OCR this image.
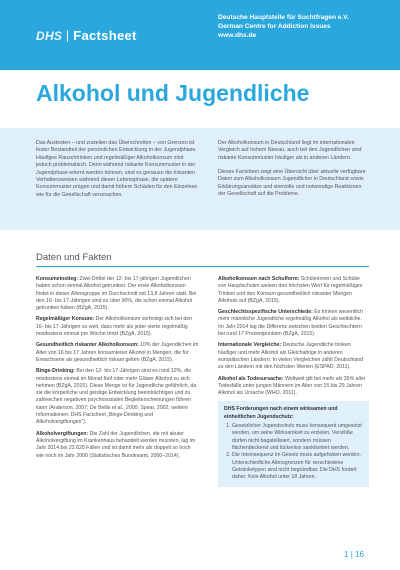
DHS Factsheet
Deutsche Hauptstelle für Suchtfragen e.V.
German Centre for Addiction Issues
www.dhs.de
Alkohol und Jugendliche

Das Austesten – und zuweilen das Überschreiten – von Grenzen ist fester Bestandteil der persönlichen Entwicklung in der Jugendphase. Häufiges Rauschtrinken und regelmäßiger Alkoholkonsum sind jedoch problematisch. Denn während riskante Konsummuster in der Jugendphase erlernt werden können, sind es genauso die riskanten Verhaltensweisen während dieser Lebensphase, die spätere Konsummuster prägen und damit höhere Schäden für den Einzelnen wie für die Gesellschaft verursachen.

Der Alkoholkonsum in Deutschland liegt im internationalen Vergleich auf hohem Niveau, auch bei den Jugendlichen sind riskante Konsummuster häufiger als in anderen Ländern.

Dieses Factsheet zeigt eine Übersicht über aktuelle verfügbare Daten zum Alkoholkonsum Jugendlicher in Deutschland sowie Erklärungsansätze und sinnvolle und notwendige Reaktionen der Gesellschaft auf die Probleme.

Daten und Fakten

Konsumeinstieg: Zwei Drittel der 12- bis 17-jährigen Jugendlichen haben schon einmal Alkohol getrunken. Der erste Alkoholkonsum findet in dieser Altersgruppe im Durchschnitt mit 13,8 Jahren statt. Bei den 16- bis 17-Jährigen sind es über 90%, die schon einmal Alkohol getrunken haben (BZgA, 2015).

Regelmäßiger Konsum: Der Alkoholkonsum verfestigt sich bei den 16- bis 17-Jährigen so weit, dass mehr als jeder vierte regelmäßig mindestens einmal pro Woche trinkt (BZgA, 2015).

Gesundheitlich riskanter Alkoholkonsum: 10% der Jugendlichen im Alter von 16 bis 17 Jahren konsumieren Alkohol in Mengen, die für Erwachsene als gesundheitlich riskant gelten (BZgA, 2015).

Binge-Drinking: Bei den 12- bis 17-Jährigen sind es rund 12%, die mindestens einmal im Monat fünf oder mehr Gläser Alkohol zu sich nehmen (BZgA, 2015). Diese Menge ist für Jugendliche gefährlich, da sie die körperliche und geistige Entwicklung beeinträchtigen und zu zahlreichen negativen psychosozialen Begleiterscheinungen führen kann (Anderson, 2007; De Bellis et al., 2000; Spear, 2002; weitere Informationen: DHS Factsheet „Binge-Drinking und Alkoholvergiftungen“).

Alkoholvergiftungen: Die Zahl der Jugendlichen, die mit akuter Alkoholvergiftung im Krankenhaus behandelt werden mussten, lag im Jahr 2014 bei 22.628 Fällen und ist damit mehr als doppelt so hoch wie noch im Jahr 2000 (Statistisches Bundesamt, 2000–2014).

Alkoholkonsum nach Schulform: Schülerinnen und Schüler von Hauptschulen weisen den höchsten Wert für regelmäßiges Trinken und den Konsum gesundheitlich riskanter Mengen Alkohols auf (BZgA, 2015).

Geschlechtsspezifische Unterschiede: Es trinken wesentlich mehr männliche Jugendliche regelmäßig Alkohol als weibliche. Im Jahr 2014 lag die Differenz zwischen beiden Geschlechtern bei rund 17 Prozentpunkten (BZgA, 2015).

Internationale Vergleiche: Deutsche Jugendliche trinken häufiger und mehr Alkohol als Gleichaltrige in anderen europäischen Ländern. In vielen Vergleichen zählt Deutschland zu den Ländern mit den höchsten Werten (ESPAD, 2011).

Alkohol als Todesursache: Weltweit gilt bei mehr als 35% aller Todesfälle unter jungen Männern im Alter von 15 bis 29 Jahren Alkohol als Ursache (WHO, 2011).

DHS Forderungen nach einem wirksamen und einheitlichen Jugendschutz:

1. Gesetzlicher Jugendschutz muss konsequent umgesetzt werden, um seine Wirksamkeit zu erzielen. Verstöße dürfen nicht bagatellisiert, sondern müssen flächendeckend und lückenlos sanktioniert werden.
2. Die Inkonsequenz im Gesetz muss aufgehoben werden. Unterschiedliche Altersgrenzen für verschiedene Getränketypen sind nicht begründbar. Die DHS fordert daher: Kein Alkohol unter 18 Jahren.
1 | 16
